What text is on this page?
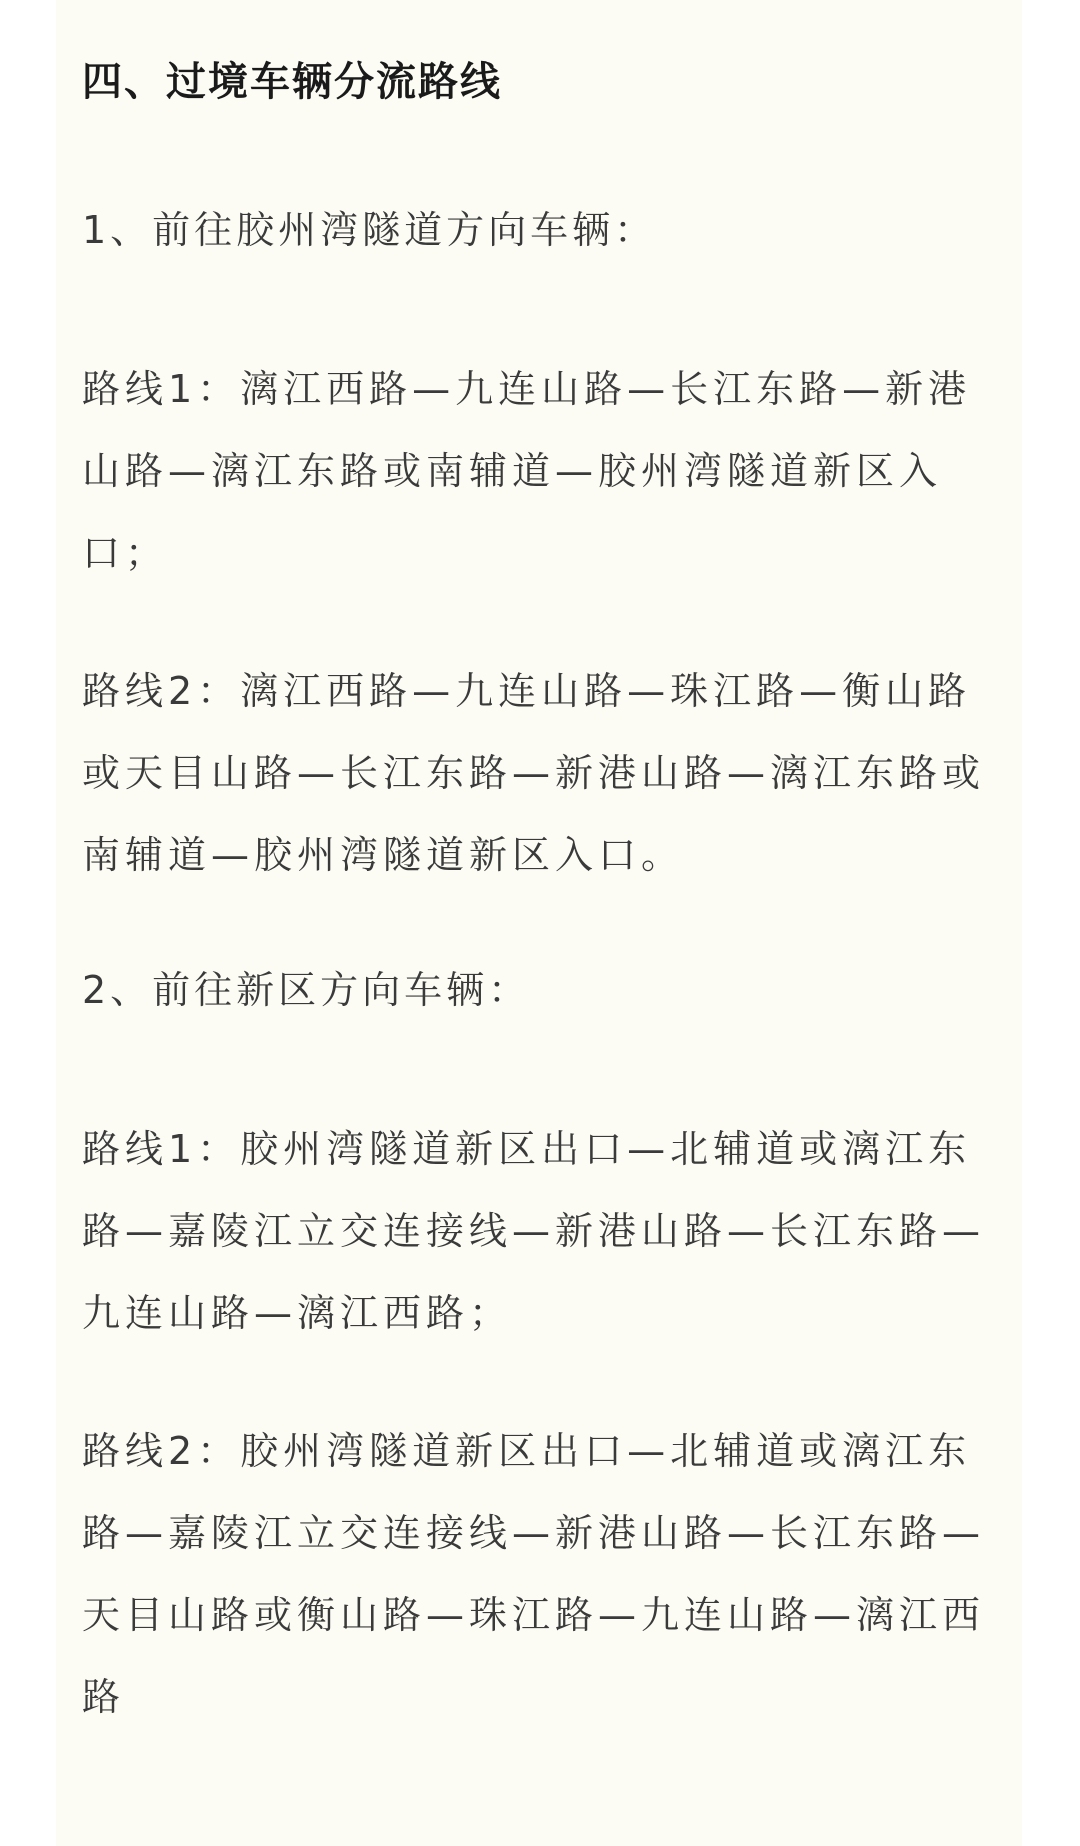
四、过境车辆分流路线

1、前往胶州湾隧道方向车辆：

路线1：漓江西路—九连山路—长江东路—新港山路—漓江东路或南辅道—胶州湾隧道新区入口；

路线2：漓江西路—九连山路—珠江路—衡山路或天目山路—长江东路—新港山路—漓江东路或南辅道—胶州湾隧道新区入口。

2、前往新区方向车辆：

路线1：胶州湾隧道新区出口—北辅道或漓江东路—嘉陵江立交连接线—新港山路—长江东路—九连山路—漓江西路；

路线2：胶州湾隧道新区出口—北辅道或漓江东路—嘉陵江立交连接线—新港山路—长江东路—天目山路或衡山路—珠江路—九连山路—漓江西路
